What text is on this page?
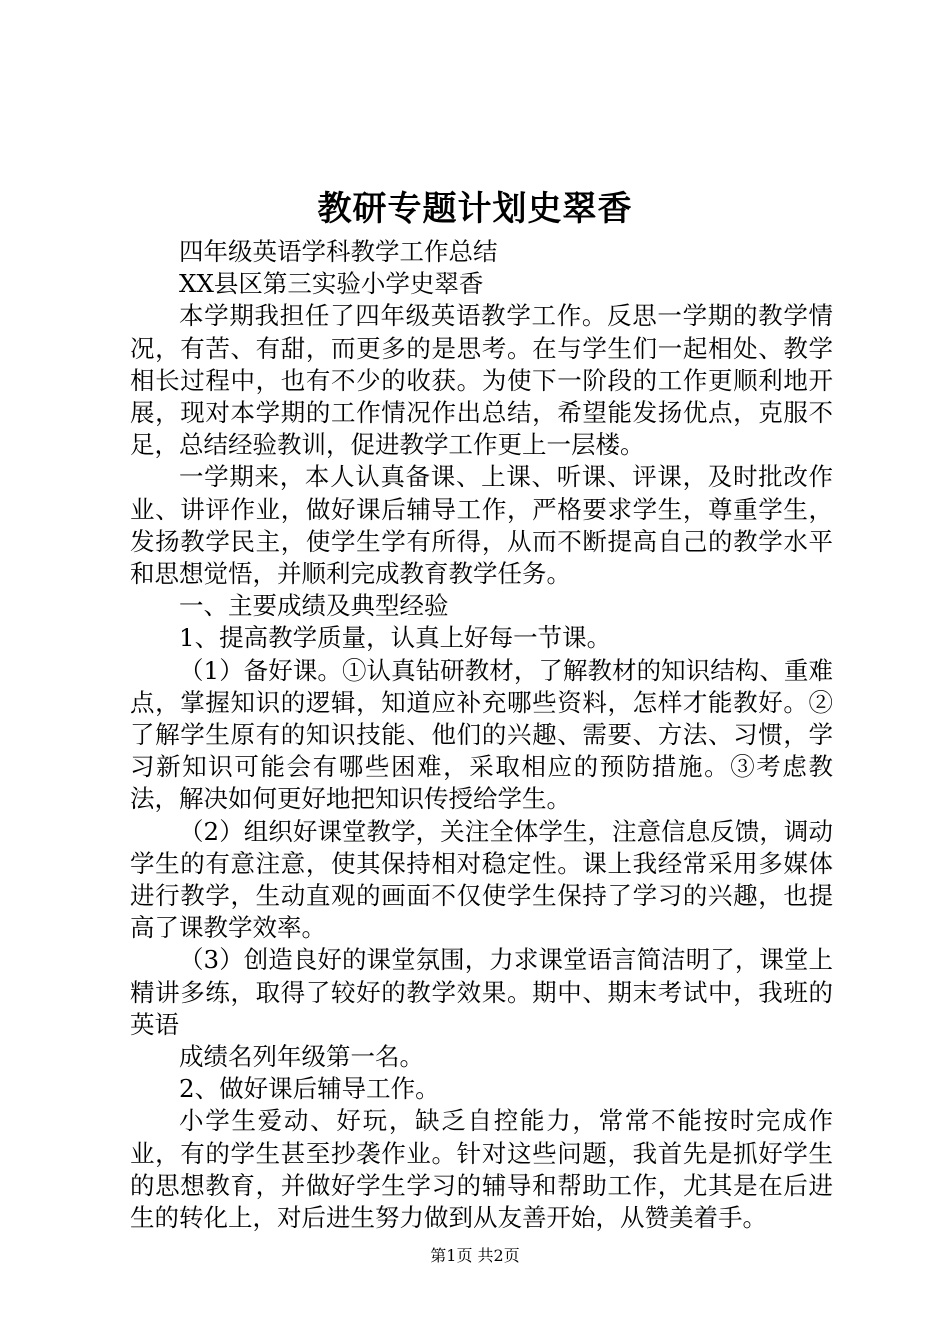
教研专题计划史翠香

四年级英语学科教学工作总结

XX县区第三实验小学史翠香

本学期我担任了四年级英语教学工作。反思一学期的教学情况，有苦、有甜，而更多的是思考。在与学生们一起相处、教学相长过程中，也有不少的收获。为使下一阶段的工作更顺利地开展，现对本学期的工作情况作出总结，希望能发扬优点，克服不足，总结经验教训，促进教学工作更上一层楼。

一学期来，本人认真备课、上课、听课、评课，及时批改作业、讲评作业，做好课后辅导工作，严格要求学生，尊重学生，发扬教学民主，使学生学有所得，从而不断提高自己的教学水平和思想觉悟，并顺利完成教育教学任务。

一、主要成绩及典型经验

1、提高教学质量，认真上好每一节课。

（1）备好课。①认真钻研教材，了解教材的知识结构、重难点，掌握知识的逻辑，知道应补充哪些资料，怎样才能教好。②了解学生原有的知识技能、他们的兴趣、需要、方法、习惯，学习新知识可能会有哪些困难，采取相应的预防措施。③考虑教法，解决如何更好地把知识传授给学生。

（2）组织好课堂教学，关注全体学生，注意信息反馈，调动学生的有意注意，使其保持相对稳定性。课上我经常采用多媒体进行教学，生动直观的画面不仅使学生保持了学习的兴趣，也提高了课教学效率。

（3）创造良好的课堂氛围，力求课堂语言简洁明了，课堂上精讲多练，取得了较好的教学效果。期中、期末考试中，我班的英语

成绩名列年级第一名。

2、做好课后辅导工作。

小学生爱动、好玩，缺乏自控能力，常常不能按时完成作业，有的学生甚至抄袭作业。针对这些问题，我首先是抓好学生的思想教育，并做好学生学习的辅导和帮助工作，尤其是在后进生的转化上，对后进生努力做到从友善开始，从赞美着手。

第1页 共2页
